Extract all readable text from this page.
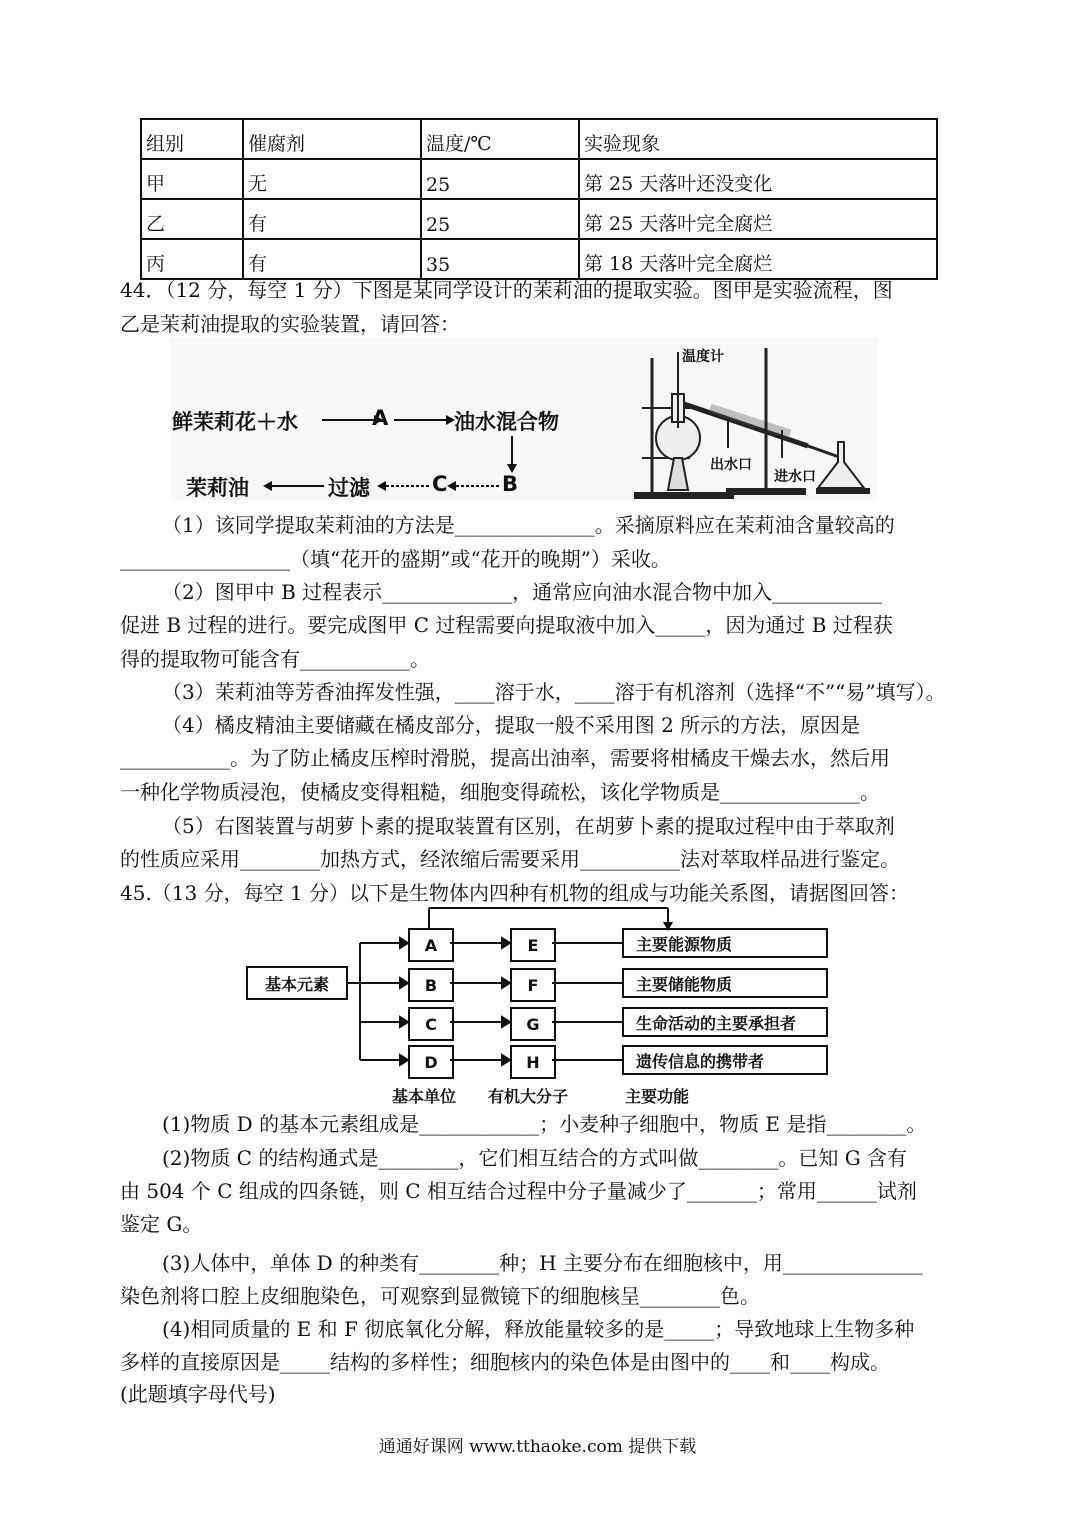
组别	催腐剂	温度/℃	实验现象
甲	无	25	第 25 天落叶还没变化
乙	有	25	第 25 天落叶完全腐烂
丙	有	35	第 18 天落叶完全腐烂
44．（12 分，每空 1 分）下图是某同学设计的茉莉油的提取实验。图甲是实验流程，图
乙是茉莉油提取的实验装置，请回答：
鲜茉莉花＋水	A	油水混合物
B
C
过滤
茉莉油
温度计
出水口
进水口
（1）该同学提取茉莉油的方法是______________。采摘原料应在茉莉油含量较高的
_________________（填“花开的盛期”或“花开的晚期”）采收。
（2）图甲中 B 过程表示_____________，通常应向油水混合物中加入___________
促进 B 过程的进行。要完成图甲 C 过程需要向提取液中加入_____，因为通过 B 过程获
得的提取物可能含有___________。
（3）茉莉油等芳香油挥发性强，____溶于水，____溶于有机溶剂（选择“不”“易”填写）。
（4）橘皮精油主要储藏在橘皮部分，提取一般不采用图 2 所示的方法，原因是
___________。为了防止橘皮压榨时滑脱，提高出油率，需要将柑橘皮干燥去水，然后用
一种化学物质浸泡，使橘皮变得粗糙，细胞变得疏松，该化学物质是______________。
（5）右图装置与胡萝卜素的提取装置有区别，在胡萝卜素的提取过程中由于萃取剂
的性质应采用________加热方式，经浓缩后需要采用__________法对萃取样品进行鉴定。
45.（13 分，每空 1 分）以下是生物体内四种有机物的组成与功能关系图，请据图回答：
基本元素
A
B
C
D
E
F
G
H
主要能源物质
主要储能物质
生命活动的主要承担者
遗传信息的携带者
基本单位 有机大分子	主要功能
(1)物质 D 的基本元素组成是____________；小麦种子细胞中，物质 E 是指________。
(2)物质 C 的结构通式是________，它们相互结合的方式叫做________。已知 G 含有
由 504 个 C 组成的四条链，则 C 相互结合过程中分子量减少了_______；常用______试剂
鉴定 G。
(3)人体中，单体 D 的种类有________种；H 主要分布在细胞核中，用______________
染色剂将口腔上皮细胞染色，可观察到显微镜下的细胞核呈________色。
(4)相同质量的 E 和 F 彻底氧化分解，释放能量较多的是_____；导致地球上生物多种
多样的直接原因是_____结构的多样性；细胞核内的染色体是由图中的____和____构成。
(此题填字母代号)
通通好课网 www.tthaoke.com 提供下载
